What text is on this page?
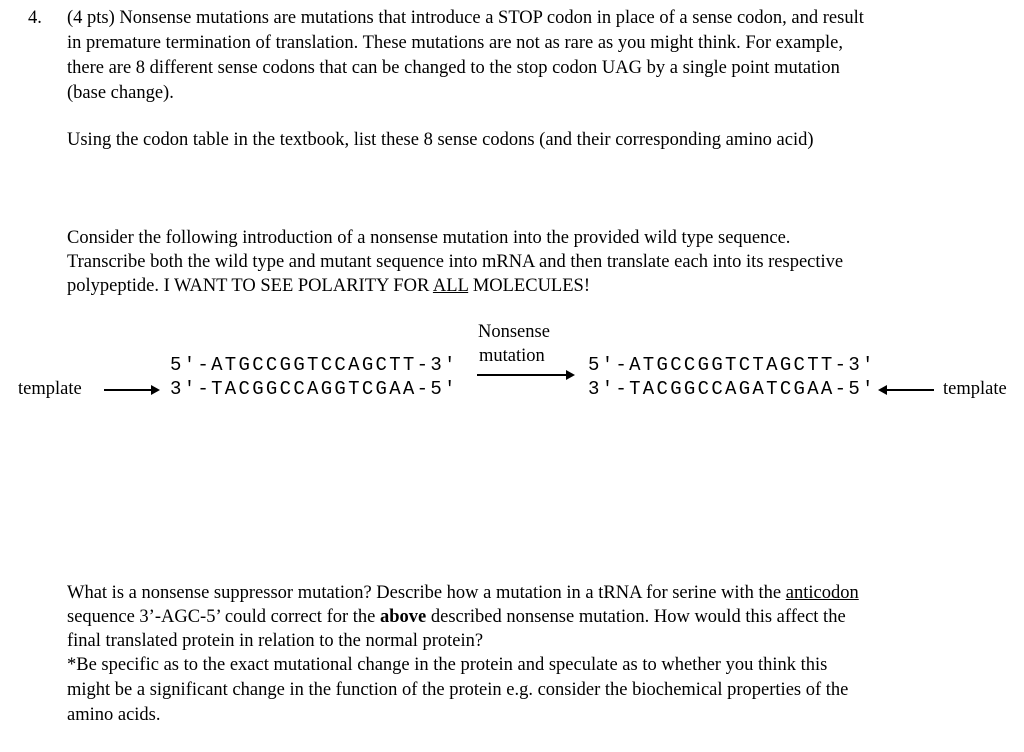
4. (4 pts) Nonsense mutations are mutations that introduce a STOP codon in place of a sense codon, and result
in premature termination of translation. These mutations are not as rare as you might think. For example,
there are 8 different sense codons that can be changed to the stop codon UAG by a single point mutation
(base change).
Using the codon table in the textbook, list these 8 sense codons (and their corresponding amino acid)
Consider the following introduction of a nonsense mutation into the provided wild type sequence.
Transcribe both the wild type and mutant sequence into mRNA and then translate each into its respective
polypeptide. I WANT TO SEE POLARITY FOR ALL MOLECULES!
5′-ATGCCGGTCCAGCTT-3′
3′-TACGGCCAGGTCGAA-5′
template
Nonsense
mutation 5′-ATGCCGGTCTAGCTT-3′
3′-TACGGCCAGATCGAA-5′	template
What is a nonsense suppressor mutation? Describe how a mutation in a tRNA for serine with the anticodon
sequence 3’-AGC-5’ could correct for the above described nonsense mutation. How would this affect the
final translated protein in relation to the normal protein?
*Be specific as to the exact mutational change in the protein and speculate as to whether you think this
might be a significant change in the function of the protein e.g. consider the biochemical properties of the
amino acids.
